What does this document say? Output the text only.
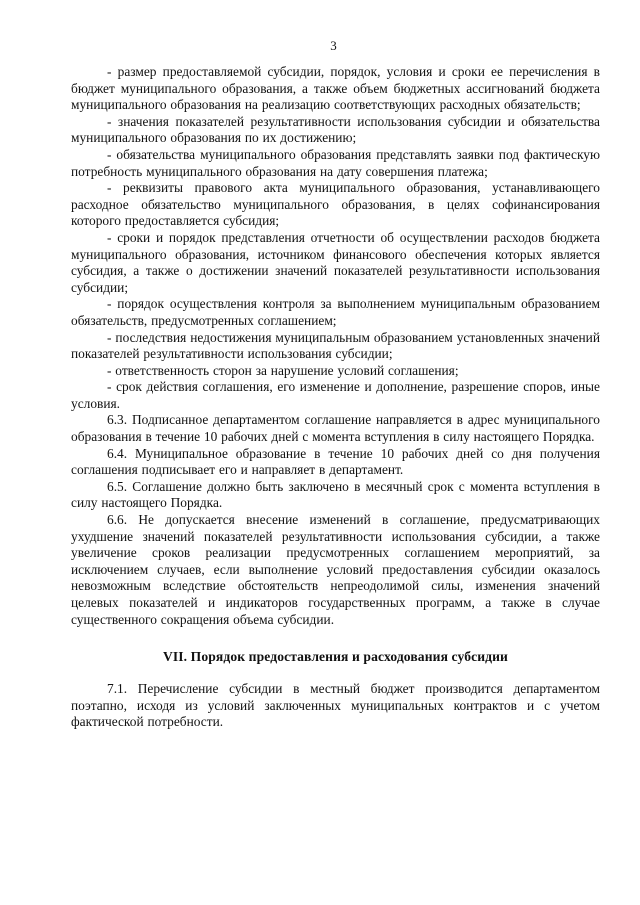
3

- размер предоставляемой субсидии, порядок, условия и сроки ее перечисления в бюджет муниципального образования, а также объем бюджетных ассигнований бюджета муниципального образования на реализацию соответствующих расходных обязательств;

- значения показателей результативности использования субсидии и обязательства муниципального образования по их достижению;

- обязательства муниципального образования представлять заявки под фактическую потребность муниципального образования на дату совершения платежа;

- реквизиты правового акта муниципального образования, устанавливающего расходное обязательство муниципального образования, в целях софинансирования которого предоставляется субсидия;

- сроки и порядок представления отчетности об осуществлении расходов бюджета муниципального образования, источником финансового обеспечения которых является субсидия, а также о достижении значений показателей результативности использования субсидии;

- порядок осуществления контроля за выполнением муниципальным образованием обязательств, предусмотренных соглашением;

- последствия недостижения муниципальным образованием установленных значений показателей результативности использования субсидии;

- ответственность сторон за нарушение условий соглашения;

- срок действия соглашения, его изменение и дополнение, разрешение споров, иные условия.

6.3. Подписанное департаментом соглашение направляется в адрес муниципального образования в течение 10 рабочих дней с момента вступления в силу настоящего Порядка.

6.4. Муниципальное образование в течение 10 рабочих дней со дня получения соглашения подписывает его и направляет в департамент.

6.5. Соглашение должно быть заключено в месячный срок с момента вступления в силу настоящего Порядка.

6.6. Не допускается внесение изменений в соглашение, предусматривающих ухудшение значений показателей результативности использования субсидии, а также увеличение сроков реализации предусмотренных соглашением мероприятий, за исключением случаев, если выполнение условий предоставления субсидии оказалось невозможным вследствие обстоятельств непреодолимой силы, изменения значений целевых показателей и индикаторов государственных программ, а также в случае существенного сокращения объема субсидии.

VII. Порядок предоставления и расходования субсидии

7.1. Перечисление субсидии в местный бюджет производится департаментом поэтапно, исходя из условий заключенных муниципальных контрактов и с учетом фактической потребности.
